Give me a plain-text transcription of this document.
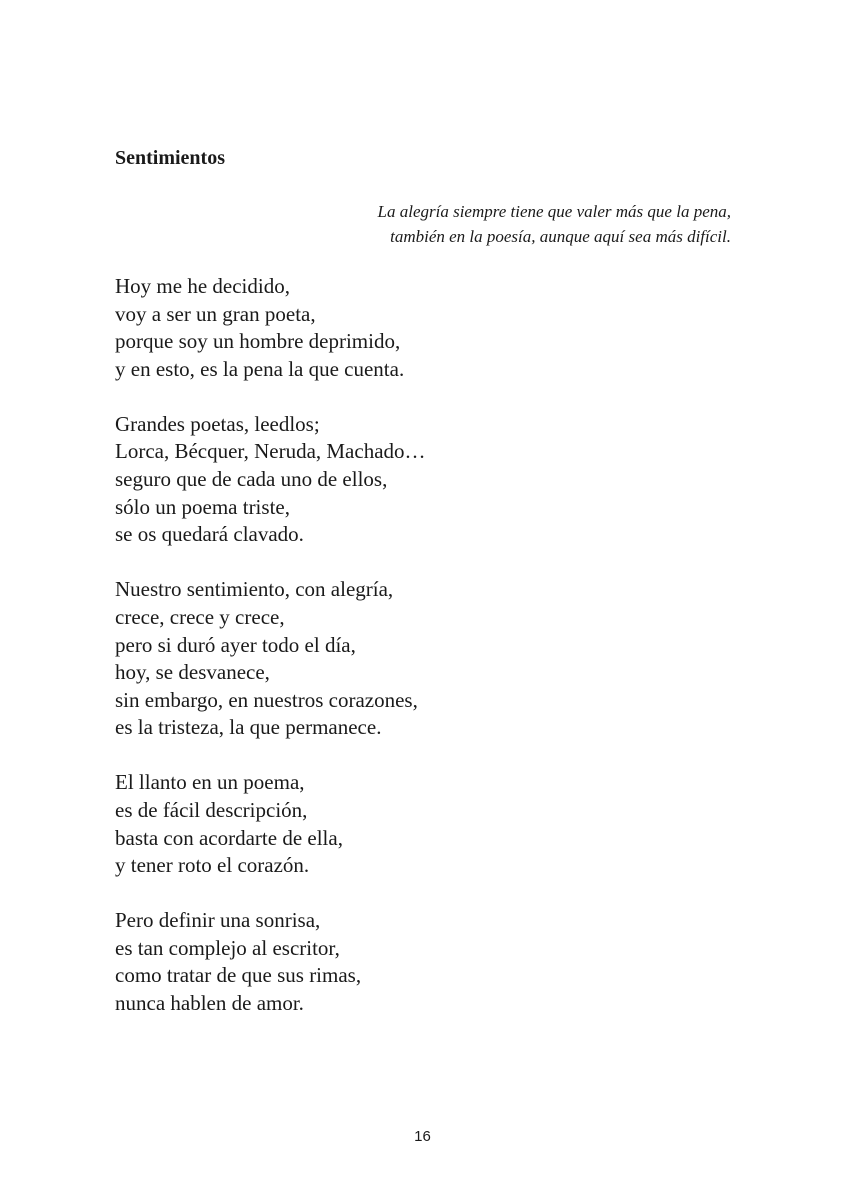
Sentimientos
La alegría siempre tiene que valer más que la pena,
también en la poesía, aunque aquí sea más difícil.
Hoy me he decidido,
voy a ser un gran poeta,
porque soy un hombre deprimido,
y en esto, es la pena la que cuenta.
Grandes poetas, leedlos;
Lorca, Bécquer, Neruda, Machado…
seguro que de cada uno de ellos,
sólo un poema triste,
se os quedará clavado.
Nuestro sentimiento, con alegría,
crece, crece y crece,
pero si duró ayer todo el día,
hoy, se desvanece,
sin embargo, en nuestros corazones,
es la tristeza, la que permanece.
El llanto en un poema,
es de fácil descripción,
basta con acordarte de ella,
y tener roto el corazón.
Pero definir una sonrisa,
es tan complejo al escritor,
como tratar de que sus rimas,
nunca hablen de amor.
16
